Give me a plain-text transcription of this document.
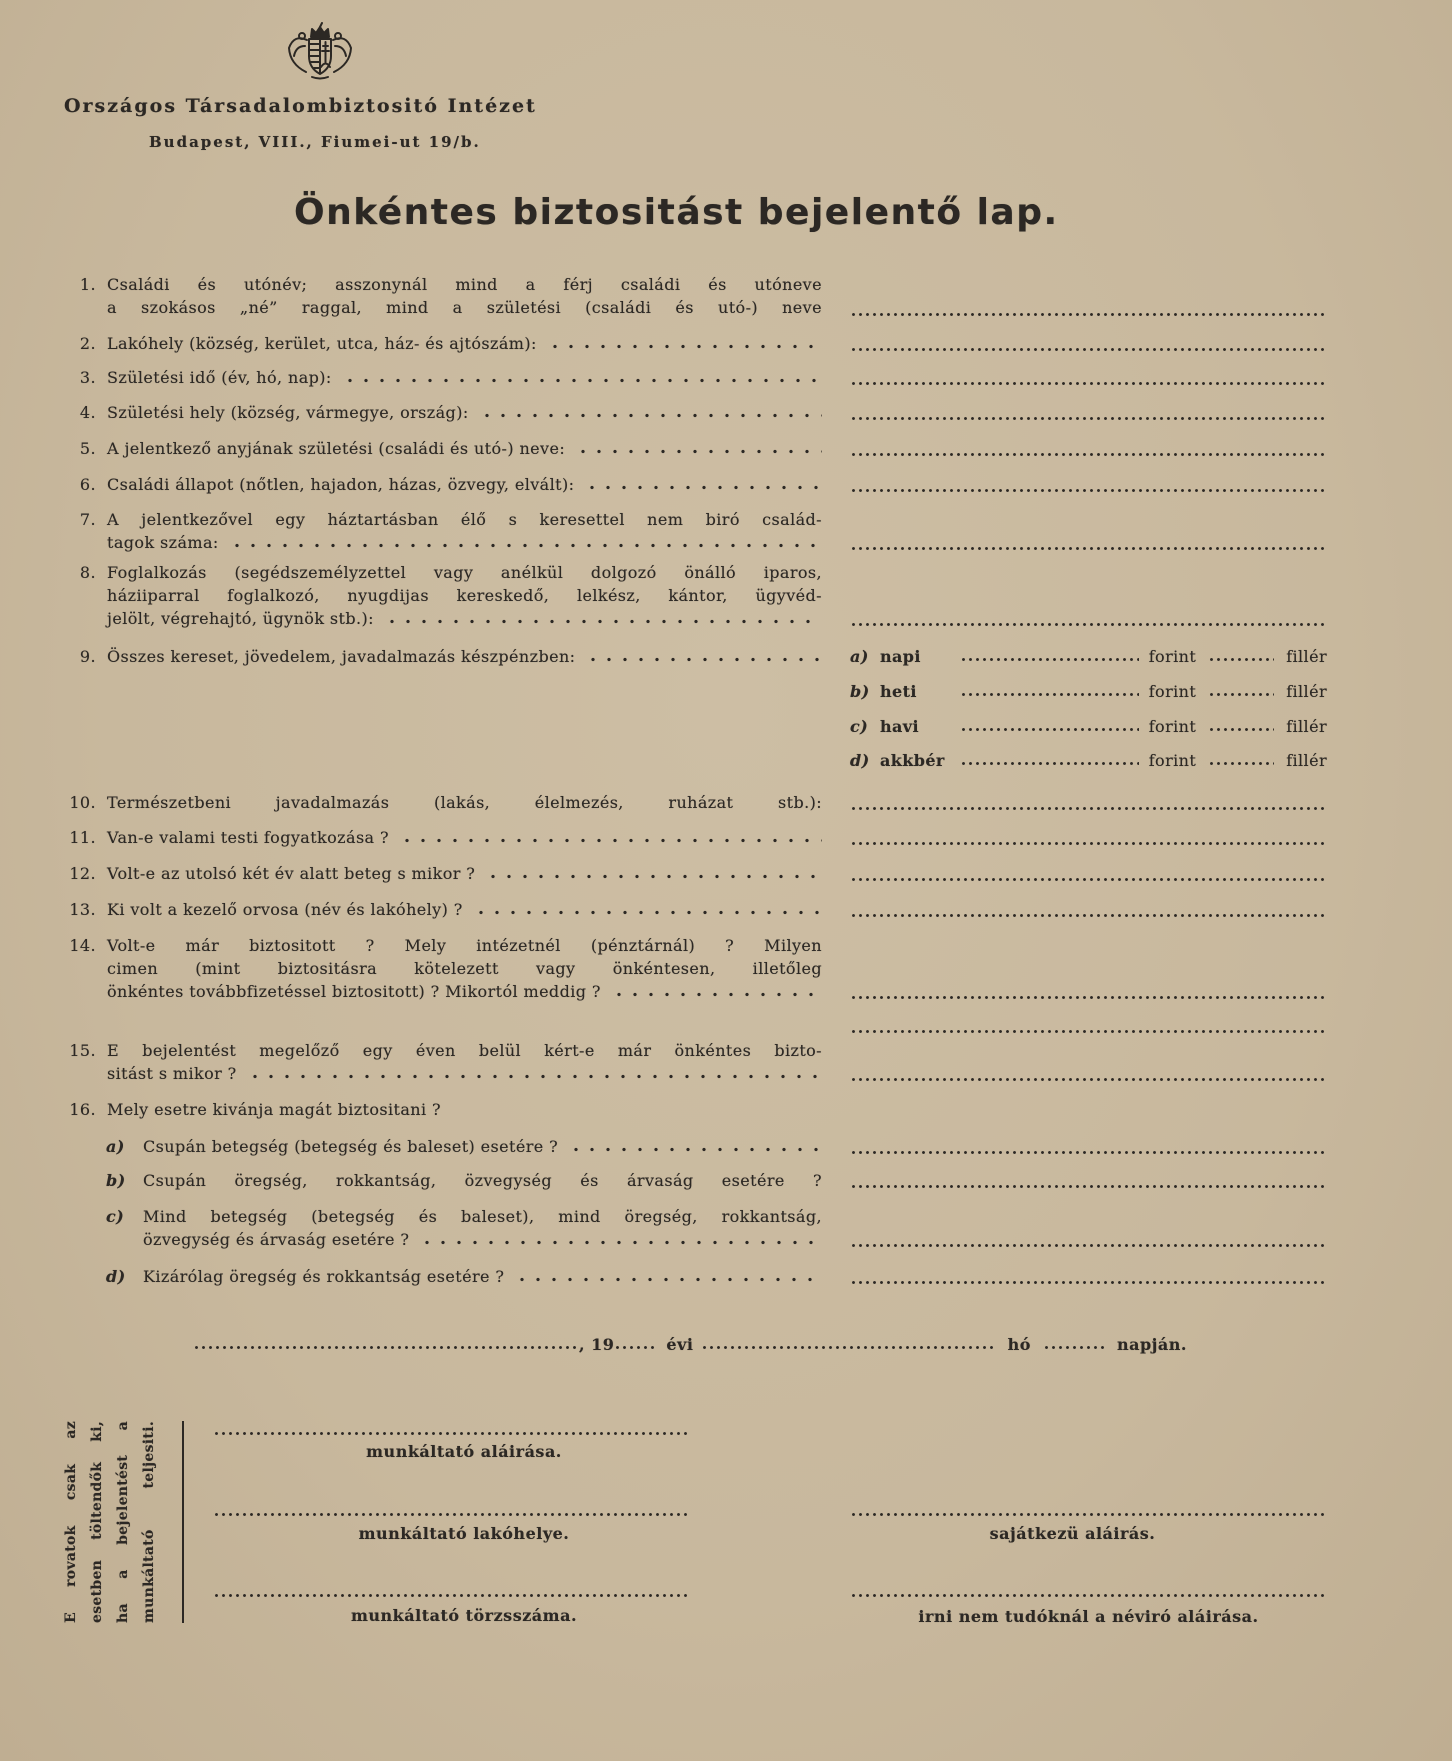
Országos Társadalombiztositó Intézet
Budapest, VIII., Fiumei-ut 19/b.
Önkéntes biztositást bejelentő lap.
1. Családi és utónév; asszonynál mind a férj családi és utóneve
a szokásos „né” raggal, mind a születési (családi és utó-) neve
2. Lakóhely (község, kerület, utca, ház- és ajtószám):
3. Születési idő (év, hó, nap):
4. Születési hely (község, vármegye, ország):
5. A jelentkező anyjának születési (családi és utó-) neve:
6. Családi állapot (nőtlen, hajadon, házas, özvegy, elvált):
7. A jelentkezővel egy háztartásban élő s keresettel nem biró család-
tagok száma:
8. Foglalkozás (segédszemélyzettel vagy anélkül dolgozó önálló iparos,
háziiparral foglalkozó, nyugdijas kereskedő, lelkész, kántor, ügyvéd-
jelölt, végrehajtó, ügynök stb.):
9. Összes kereset, jövedelem, javadalmazás készpénzben:	a) napi	forint	fillér
b) heti	forint	fillér
c) havi	forint	fillér
d) akkbér	forint	fillér
10. Természetbeni javadalmazás (lakás, élelmezés, ruházat stb.):
11. Van-e valami testi fogyatkozása ?
12. Volt-e az utolsó két év alatt beteg s mikor ?
13. Ki volt a kezelő orvosa (név és lakóhely) ?
14. Volt-e már biztositott ? Mely intézetnél (pénztárnál) ? Milyen
cimen (mint biztositásra kötelezett vagy önkéntesen, illetőleg
önkéntes továbbfizetéssel biztositott) ? Mikortól meddig ?
15. E bejelentést megelőző egy éven belül kért-e már önkéntes bizto-
sitást s mikor ?
16. Mely esetre kivánja magát biztositani ?
a)	Csupán betegség (betegség és baleset) esetére ?
b)	Csupán öregség, rokkantság, özvegység és árvaság esetére ?
c)	Mind betegség (betegség és baleset), mind öregség, rokkantság,
özvegység és árvaság esetére ?
d)	Kizárólag öregség és rokkantság esetére ?
, 19	évi	hó	napján.
E rovatok csak az esetben töltendők ki, ha a bejelentést a munkáltató teljesiti.	munkáltató aláirása.
munkáltató lakóhelye.
munkáltató törzsszáma.
sajátkezü aláirás.
irni nem tudóknál a néviró aláirása.
